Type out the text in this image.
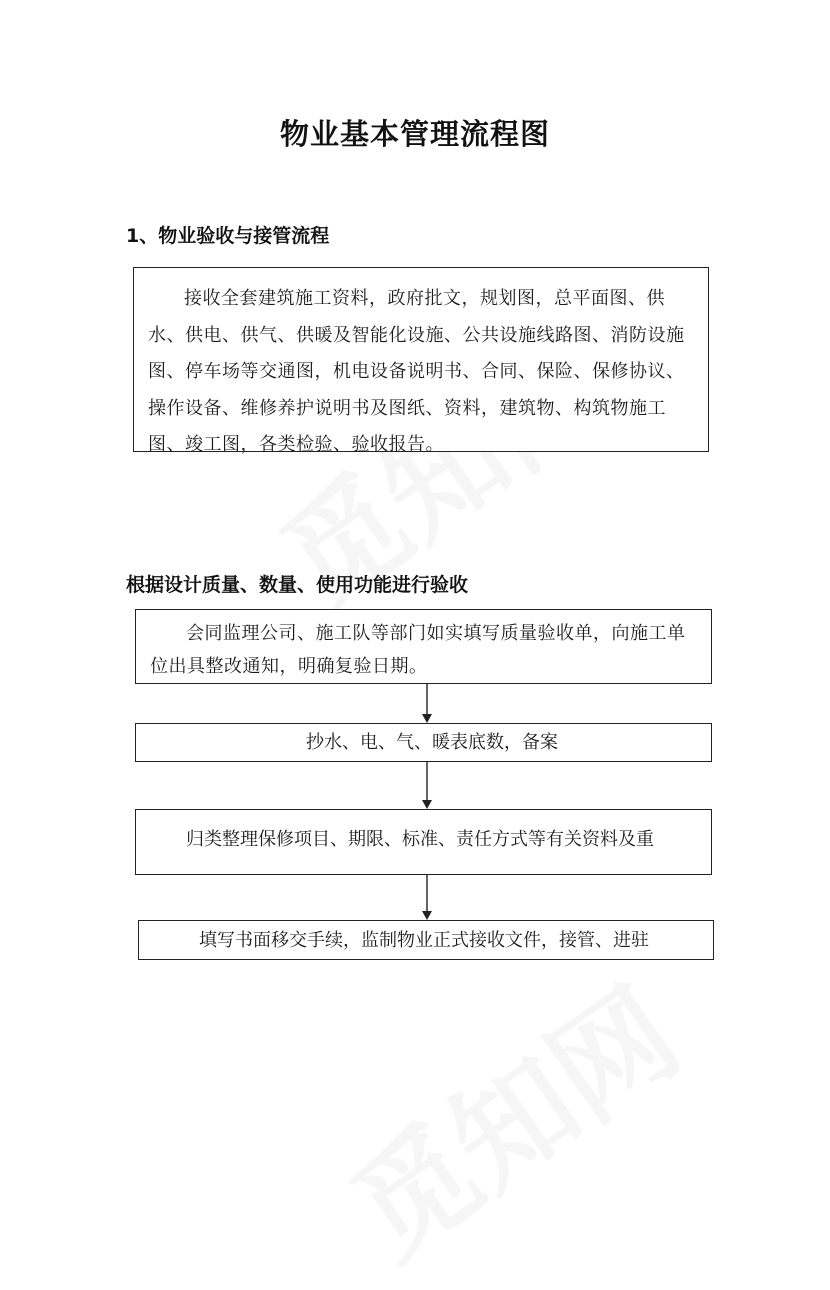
物业基本管理流程图
1、物业验收与接管流程
接收全套建筑施工资料，政府批文，规划图，总平面图、供水、供电、供气、供暖及智能化设施、公共设施线路图、消防设施图、停车场等交通图，机电设备说明书、合同、保险、保修协议、操作设备、维修养护说明书及图纸、资料，建筑物、构筑物施工图、竣工图，各类检验、验收报告。
根据设计质量、数量、使用功能进行验收
会同监理公司、施工队等部门如实填写质量验收单，向施工单位出具整改通知，明确复验日期。
抄水、电、气、暖表底数，备案
归类整理保修项目、期限、标准、责任方式等有关资料及重
填写书面移交手续，监制物业正式接收文件，接管、进驻
